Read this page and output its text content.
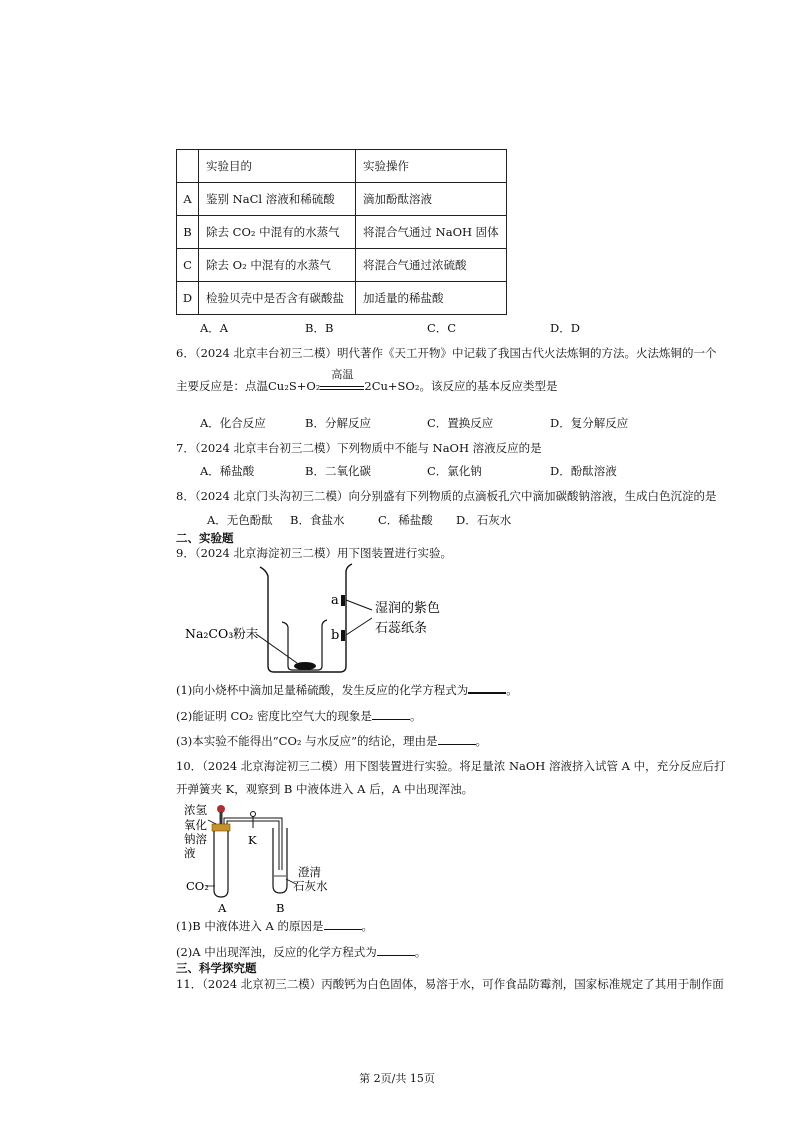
	实验目的	实验操作
A	鉴别 NaCl 溶液和稀硫酸	滴加酚酞溶液
B	除去 CO₂ 中混有的水蒸气	将混合气通过 NaOH 固体
C	除去 O₂ 中混有的水蒸气	将混合气通过浓硫酸
D	检验贝壳中是否含有碳酸盐	加适量的稀盐酸
A．A	B．B	C．C	D．D
6．（2024 北京丰台初三二模）明代著作《天工开物》中记载了我国古代火法炼铜的方法。火法炼铜的一个
主要反应是：点温Cu₂S+O₂
高温
2Cu+SO₂。该反应的基本反应类型是
A．化合反应	B．分解反应	C．置换反应	D．复分解反应
7．（2024 北京丰台初三二模）下列物质中不能与 NaOH 溶液反应的是
A．稀盐酸	B．二氧化碳	C．氯化钠	D．酚酞溶液
8．（2024 北京门头沟初三二模）向分别盛有下列物质的点滴板孔穴中滴加碳酸钠溶液，生成白色沉淀的是
A．无色酚酞 B．食盐水	C．稀盐酸 D．石灰水
二、实验题
9．（2024 北京海淀初三二模）用下图装置进行实验。
a
b
湿润的紫色
石蕊纸条
Na₂CO₃粉末
(1)向小烧杯中滴加足量稀硫酸，发生反应的化学方程式为	。
(2)能证明 CO₂ 密度比空气大的现象是	。
(3)本实验不能得出“CO₂ 与水反应”的结论，理由是	。
10．（2024 北京海淀初三二模）用下图装置进行实验。将足量浓 NaOH 溶液挤入试管 A 中，充分反应后打
开弹簧夹 K，观察到 B 中液体进入 A 后，A 中出现浑浊。
K
浓氢
氧化
钠溶
液
CO₂
澄清
石灰水
A	B
(1)B 中液体进入 A 的原因是	。
(2)A 中出现浑浊，反应的化学方程式为	。
三、科学探究题
11．（2024 北京初三二模）丙酸钙为白色固体，易溶于水，可作食品防霉剂，国家标准规定了其用于制作面
第 2页/共 15页
